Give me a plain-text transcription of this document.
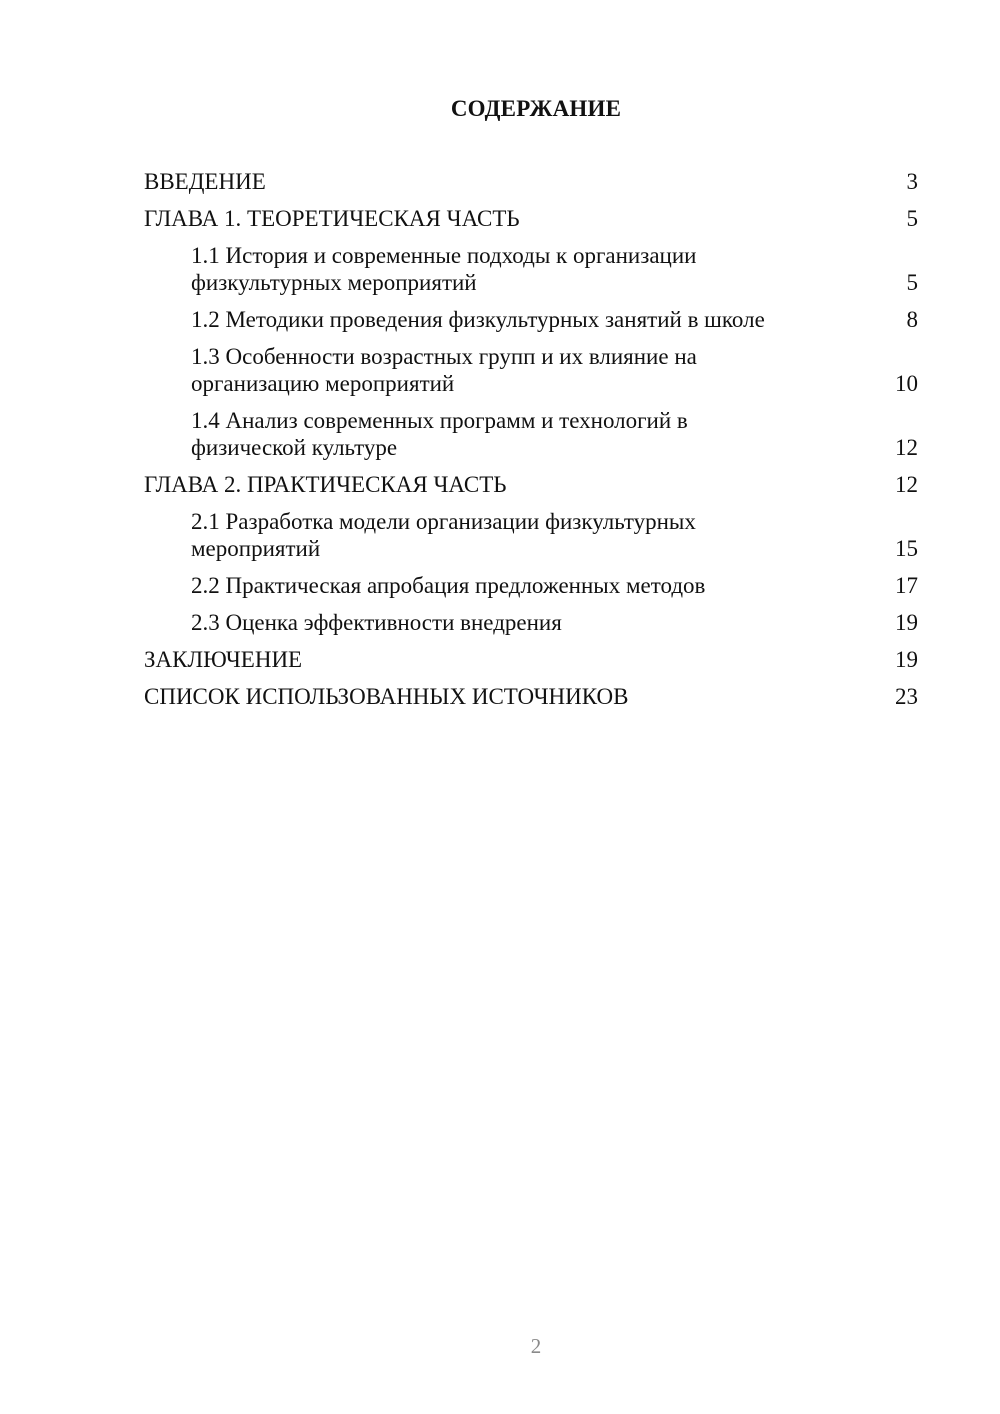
СОДЕРЖАНИЕ
ВВЕДЕНИЕ	3
ГЛАВА 1. ТЕОРЕТИЧЕСКАЯ ЧАСТЬ	5
1.1 История и современные подходы к организации физкультурных мероприятий	5
1.2 Методики проведения физкультурных занятий в школе	8
1.3 Особенности возрастных групп и их влияние на организацию мероприятий	10
1.4 Анализ современных программ и технологий в физической культуре	12
ГЛАВА 2. ПРАКТИЧЕСКАЯ ЧАСТЬ	12
2.1 Разработка модели организации физкультурных мероприятий	15
2.2 Практическая апробация предложенных методов	17
2.3 Оценка эффективности внедрения	19
ЗАКЛЮЧЕНИЕ	19
СПИСОК ИСПОЛЬЗОВАННЫХ ИСТОЧНИКОВ	23
2
